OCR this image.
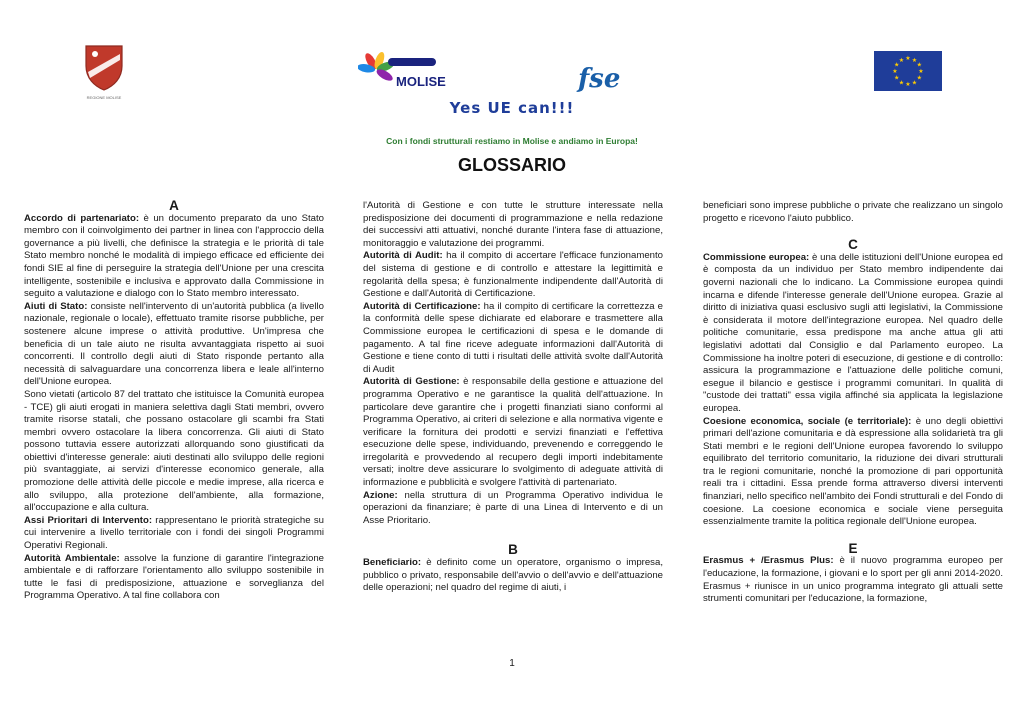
REGIONE MOLISE
MOLISE	fse	★
★
★
★
★
★
★
★
★ ★ ★
★
Yes UE can!!!
Con i fondi strutturali restiamo in Molise e andiamo in Europa!
GLOSSARIO

A

Accordo di partenariato: è un documento preparato da uno Stato membro con il coinvolgimento dei partner in linea con l'approccio della governance a più livelli, che definisce la strategia e le priorità di tale Stato membro nonché le modalità di impiego efficace ed efficiente dei fondi SIE al fine di perseguire la strategia dell'Unione per una crescita intelligente, sostenibile e inclusiva e approvato dalla Commissione in seguito a valutazione e dialogo con lo Stato membro interessato.

Aiuti di Stato: consiste nell'intervento di un'autorità pubblica (a livello nazionale, regionale o locale), effettuato tramite risorse pubbliche, per sostenere alcune imprese o attività produttive. Un'impresa che beneficia di un tale aiuto ne risulta avvantaggiata rispetto ai suoi concorrenti. Il controllo degli aiuti di Stato risponde pertanto alla necessità di salvaguardare una concorrenza libera e leale all'interno dell'Unione europea.

Sono vietati (articolo 87 del trattato che istituisce la Comunità europea - TCE) gli aiuti erogati in maniera selettiva dagli Stati membri, ovvero tramite risorse statali, che possano ostacolare gli scambi fra Stati membri ovvero ostacolare la libera concorrenza. Gli aiuti di Stato possono tuttavia essere autorizzati allorquando sono giustificati da obiettivi d'interesse generale: aiuti destinati allo sviluppo delle regioni più svantaggiate, ai servizi d'interesse economico generale, alla promozione delle attività delle piccole e medie imprese, alla ricerca e allo sviluppo, alla protezione dell'ambiente, alla formazione, all'occupazione e alla cultura.

Assi Prioritari di Intervento: rappresentano le priorità strategiche su cui intervenire a livello territoriale con i fondi dei singoli Programmi Operativi Regionali.

Autorità Ambientale: assolve la funzione di garantire l'integrazione ambientale e di rafforzare l'orientamento allo sviluppo sostenibile in tutte le fasi di predisposizione, attuazione e sorveglianza del Programma Operativo. A tal fine collabora con

l'Autorità di Gestione e con tutte le strutture interessate nella predisposizione dei documenti di programmazione e nella redazione dei successivi atti attuativi, nonché durante l'intera fase di attuazione, monitoraggio e valutazione dei programmi.

Autorità di Audit: ha il compito di accertare l'efficace funzionamento del sistema di gestione e di controllo e attestare la legittimità e regolarità della spesa; è funzionalmente indipendente dall'Autorità di Gestione e dall'Autorità di Certificazione.

Autorità di Certificazione: ha il compito di certificare la correttezza e la conformità delle spese dichiarate ed elaborare e trasmettere alla Commissione europea le certificazioni di spesa e le domande di pagamento. A tal fine riceve adeguate informazioni dall'Autorità di Gestione e tiene conto di tutti i risultati delle attività svolte dall'Autorità di Audit

Autorità di Gestione: è responsabile della gestione e attuazione del programma Operativo e ne garantisce la qualità dell'attuazione. In particolare deve garantire che i progetti finanziati siano conformi al Programma Operativo, ai criteri di selezione e alla normativa vigente e verificare la fornitura dei prodotti e servizi finanziati e l'effettiva esecuzione delle spese, individuando, prevenendo e correggendo le irregolarità e provvedendo al recupero degli importi indebitamente versati; inoltre deve assicurare lo svolgimento di adeguate attività di informazione e pubblicità e svolgere l'attività di partenariato.

Azione: nella struttura di un Programma Operativo individua le operazioni da finanziare; è parte di una Linea di Intervento e di un Asse Prioritario.

B

Beneficiario: è definito come un operatore, organismo o impresa, pubblico o privato, responsabile dell'avvio o dell'avvio e dell'attuazione delle operazioni; nel quadro del regime di aiuti, i

beneficiari sono imprese pubbliche o private che realizzano un singolo progetto e ricevono l'aiuto pubblico.

C

Commissione europea: è una delle istituzioni dell'Unione europea ed è composta da un individuo per Stato membro indipendente dai governi nazionali che lo indicano. La Commissione europea quindi incarna e difende l'interesse generale dell'Unione europea. Grazie al diritto di iniziativa quasi esclusivo sugli atti legislativi, la Commissione è considerata il motore dell'integrazione europea. Nel quadro delle politiche comunitarie, essa predispone ma anche attua gli atti legislativi adottati dal Consiglio e dal Parlamento europeo. La Commissione ha inoltre poteri di esecuzione, di gestione e di controllo: assicura la programmazione e l'attuazione delle politiche comuni, esegue il bilancio e gestisce i programmi comunitari. In qualità di "custode dei trattati" essa vigila affinché sia applicata la legislazione europea.

Coesione economica, sociale (e territoriale): è uno degli obiettivi primari dell'azione comunitaria e dà espressione alla solidarietà tra gli Stati membri e le regioni dell'Unione europea favorendo lo sviluppo equilibrato del territorio comunitario, la riduzione dei divari strutturali tra le regioni comunitarie, nonché la promozione di pari opportunità reali tra i cittadini. Essa prende forma attraverso diversi interventi finanziari, nello specifico nell'ambito dei Fondi strutturali e del Fondo di coesione. La coesione economica e sociale viene perseguita essenzialmente tramite la politica regionale dell'Unione europea.

E

Erasmus + /Erasmus Plus: è il nuovo programma europeo per l'educazione, la formazione, i giovani e lo sport per gli anni 2014-2020. Erasmus + riunisce in un unico programma integrato gli attuali sette strumenti comunitari per l'educazione, la formazione,

1
